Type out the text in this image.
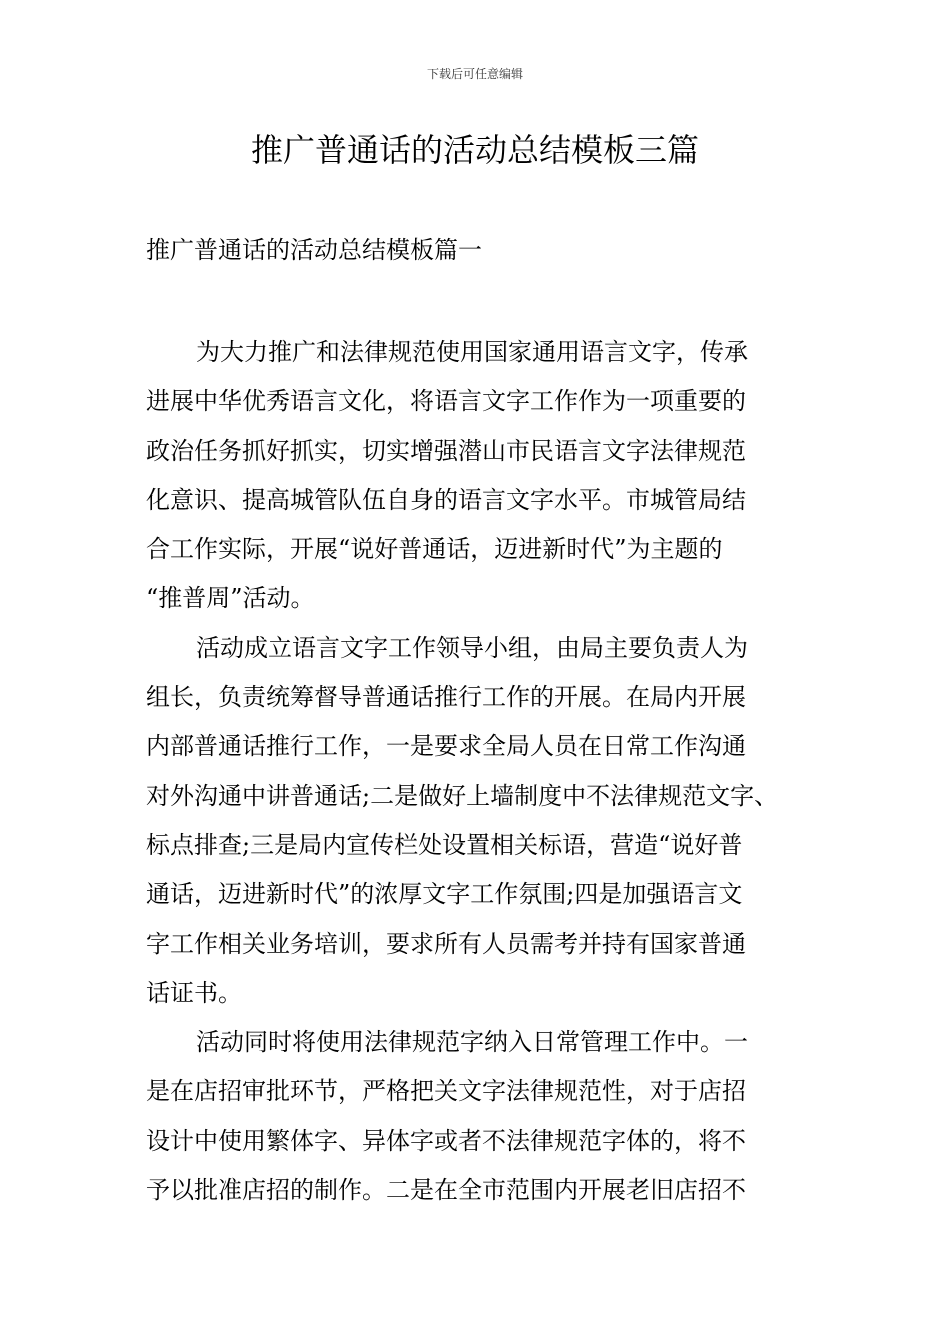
下载后可任意编辑
推广普通话的活动总结模板三篇
推广普通话的活动总结模板篇一

为大力推广和法律规范使用国家通用语言文字，传承
进展中华优秀语言文化，将语言文字工作作为一项重要的
政治任务抓好抓实，切实增强潜山市民语言文字法律规范
化意识、提高城管队伍自身的语言文字水平。市城管局结
合工作实际，开展“说好普通话，迈进新时代”为主题的
“推普周”活动。

活动成立语言文字工作领导小组，由局主要负责人为
组长，负责统筹督导普通话推行工作的开展。在局内开展
内部普通话推行工作，一是要求全局人员在日常工作沟通
对外沟通中讲普通话;二是做好上墙制度中不法律规范文字、
标点排查;三是局内宣传栏处设置相关标语，营造“说好普
通话，迈进新时代”的浓厚文字工作氛围;四是加强语言文
字工作相关业务培训，要求所有人员需考并持有国家普通
话证书。

活动同时将使用法律规范字纳入日常管理工作中。一
是在店招审批环节，严格把关文字法律规范性，对于店招
设计中使用繁体字、异体字或者不法律规范字体的，将不
予以批准店招的制作。二是在全市范围内开展老旧店招不
